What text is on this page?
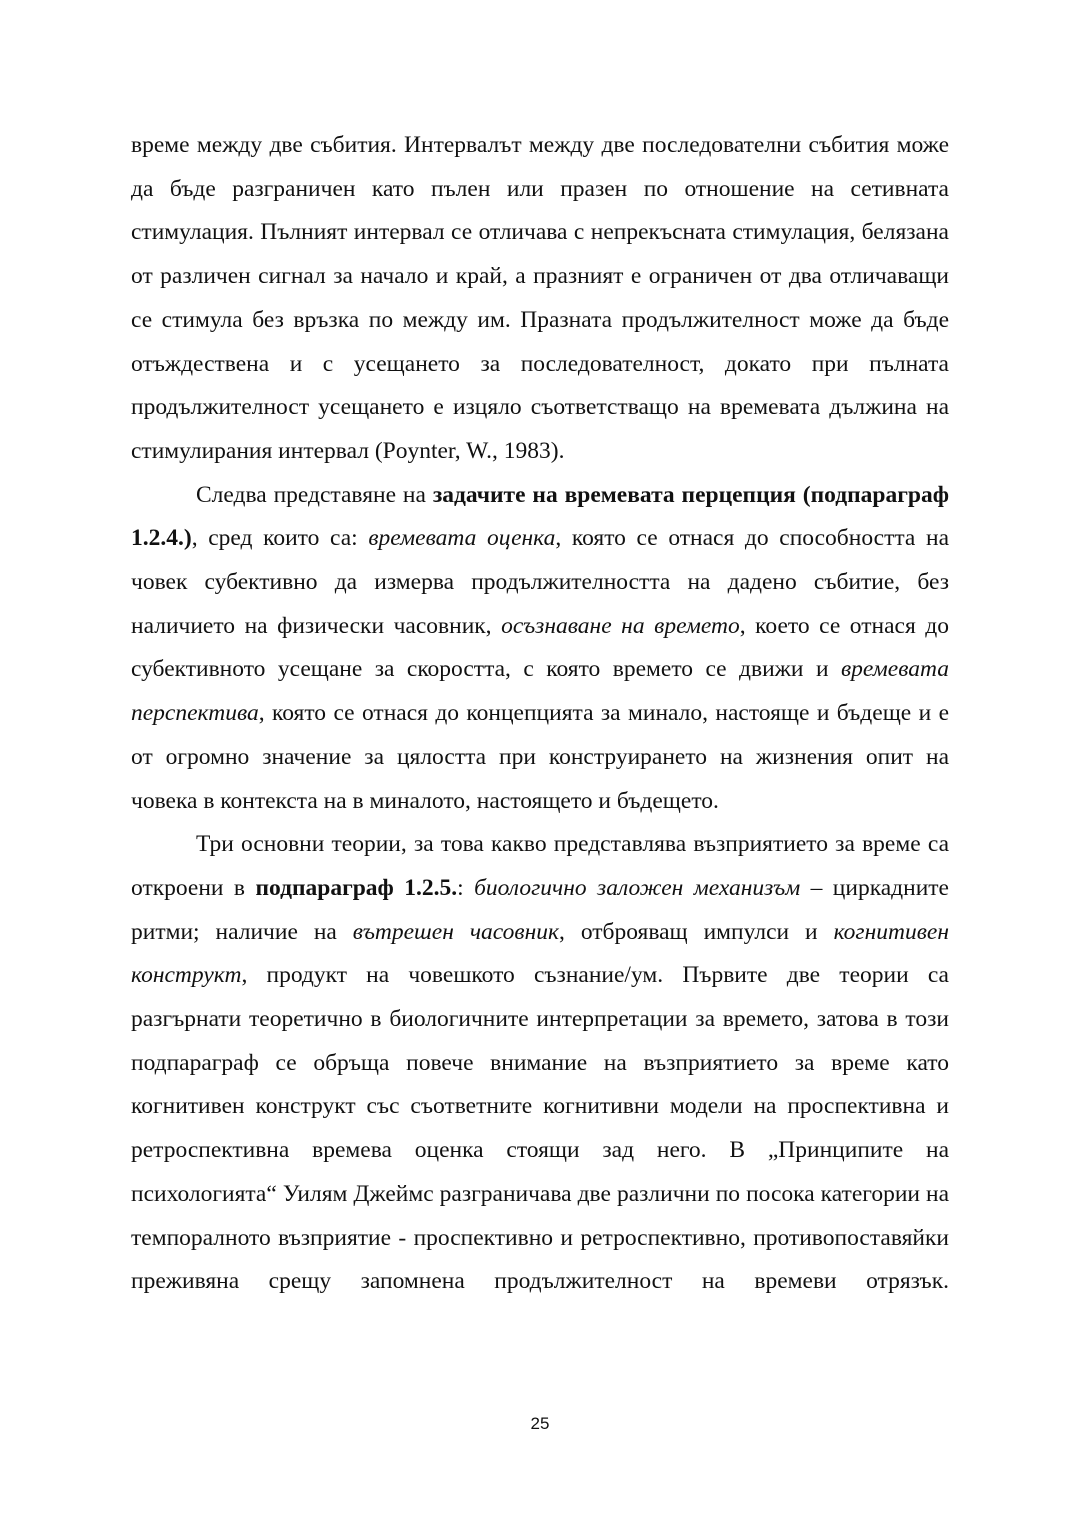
време между две събития. Интервалът между две последователни събития може да бъде разграничен като пълен или празен по отношение на сетивната стимулация. Пълният интервал се отличава с непрекъсната стимулация, белязана от различен сигнал за начало и край, а празният е ограничен от два отличаващи се стимула без връзка по между им. Празната продължителност може да бъде отъждествена и с усещането за последователност, докато при пълната продължителност усещането е изцяло съответстващо на времевата дължина на стимулирания интервал (Poynter, W., 1983).

Следва представяне на задачите на времевата перцепция (подпараграф 1.2.4.), сред които са: времевата оценка, която се отнася до способността на човек субективно да измерва продължителността на дадено събитие, без наличието на физически часовник, осъзнаване на времето, което се отнася до субективното усещане за скоростта, с която времето се движи и времевата перспектива, която се отнася до концепцията за минало, настояще и бъдеще и е от огромно значение за цялостта при конструирането на жизнения опит на човека в контекста на в миналото, настоящето и бъдещето.

Три основни теории, за това какво представлява възприятието за време са откроени в подпараграф 1.2.5.: биологично заложен механизъм – циркадните ритми; наличие на вътрешен часовник, отброяващ импулси и когнитивен конструкт, продукт на човешкото съзнание/ум. Първите две теории са разгърнати теоретично в биологичните интерпретации за времето, затова в този подпараграф се обръща повече внимание на възприятието за време като когнитивен конструкт със съответните когнитивни модели на проспективна и ретроспективна времева оценка стоящи зад него. В „Принципите на психологията“ Уилям Джеймс разграничава две различни по посока категории на темпоралното възприятие - проспективно и ретроспективно, противопоставяйки преживяна срещу запомнена продължителност на времеви отрязък.

25
